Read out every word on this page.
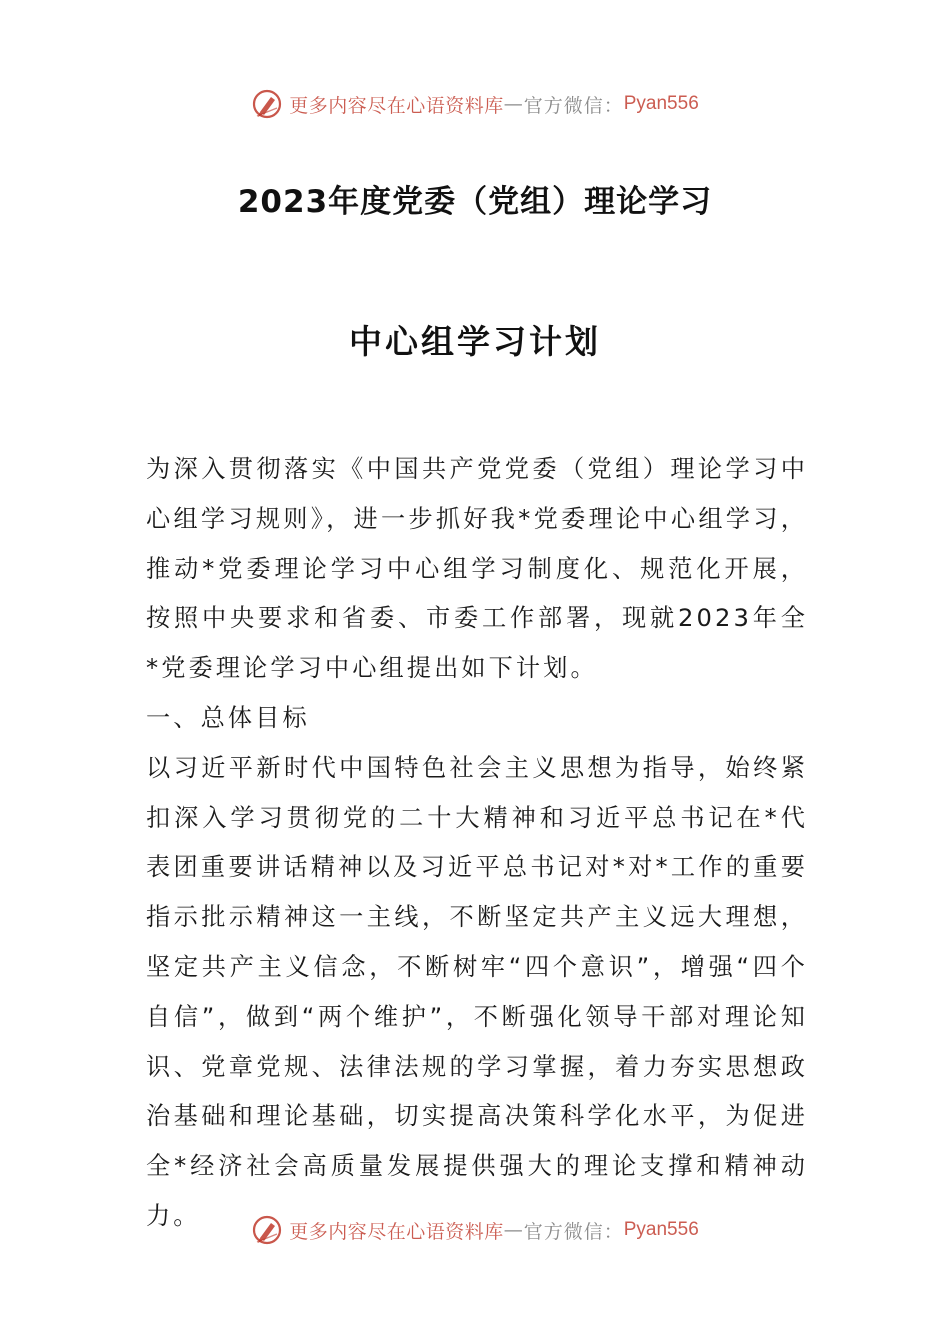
更多内容尽在心语资料库 — 官方微信： Pyan556
2023年度党委（党组）理论学习
中心组学习计划

为深入贯彻落实《中国共产党党委（党组）理论学习中心组学习规则》，进一步抓好我*党委理论中心组学习，推动*党委理论学习中心组学习制度化、规范化开展，按照中央要求和省委、市委工作部署，现就2023年全*党委理论学习中心组提出如下计划。

一、总体目标

以习近平新时代中国特色社会主义思想为指导，始终紧扣深入学习贯彻党的二十大精神和习近平总书记在*代表团重要讲话精神以及习近平总书记对*对*工作的重要指示批示精神这一主线，不断坚定共产主义远大理想，坚定共产主义信念，不断树牢“四个意识”，增强“四个自信”，做到“两个维护”，不断强化领导干部对理论知识、党章党规、法律法规的学习掌握，着力夯实思想政治基础和理论基础，切实提高决策科学化水平，为促进全*经济社会高质量发展提供强大的理论支撑和精神动力。

更多内容尽在心语资料库 — 官方微信： Pyan556
